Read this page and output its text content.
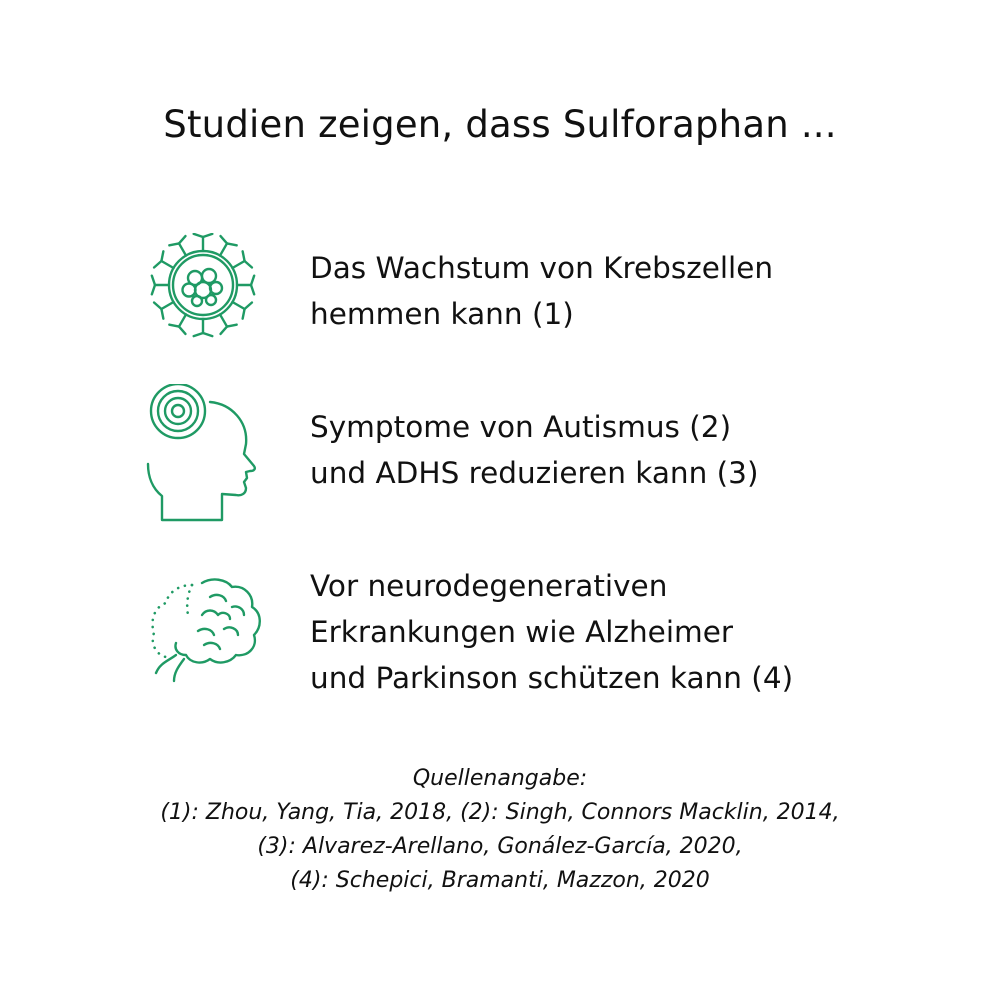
Studien zeigen, dass Sulforaphan ...
Das Wachstum von Krebszellen
hemmen kann (1)
Symptome von Autismus (2)
und ADHS reduzieren kann (3)
Vor neurodegenerativen
Erkrankungen wie Alzheimer
und Parkinson schützen kann (4)
Quellenangabe:
(1): Zhou, Yang, Tia, 2018, (2): Singh, Connors Macklin, 2014,
(3): Alvarez-Arellano, Gonález-García, 2020,
(4): Schepici, Bramanti, Mazzon, 2020
